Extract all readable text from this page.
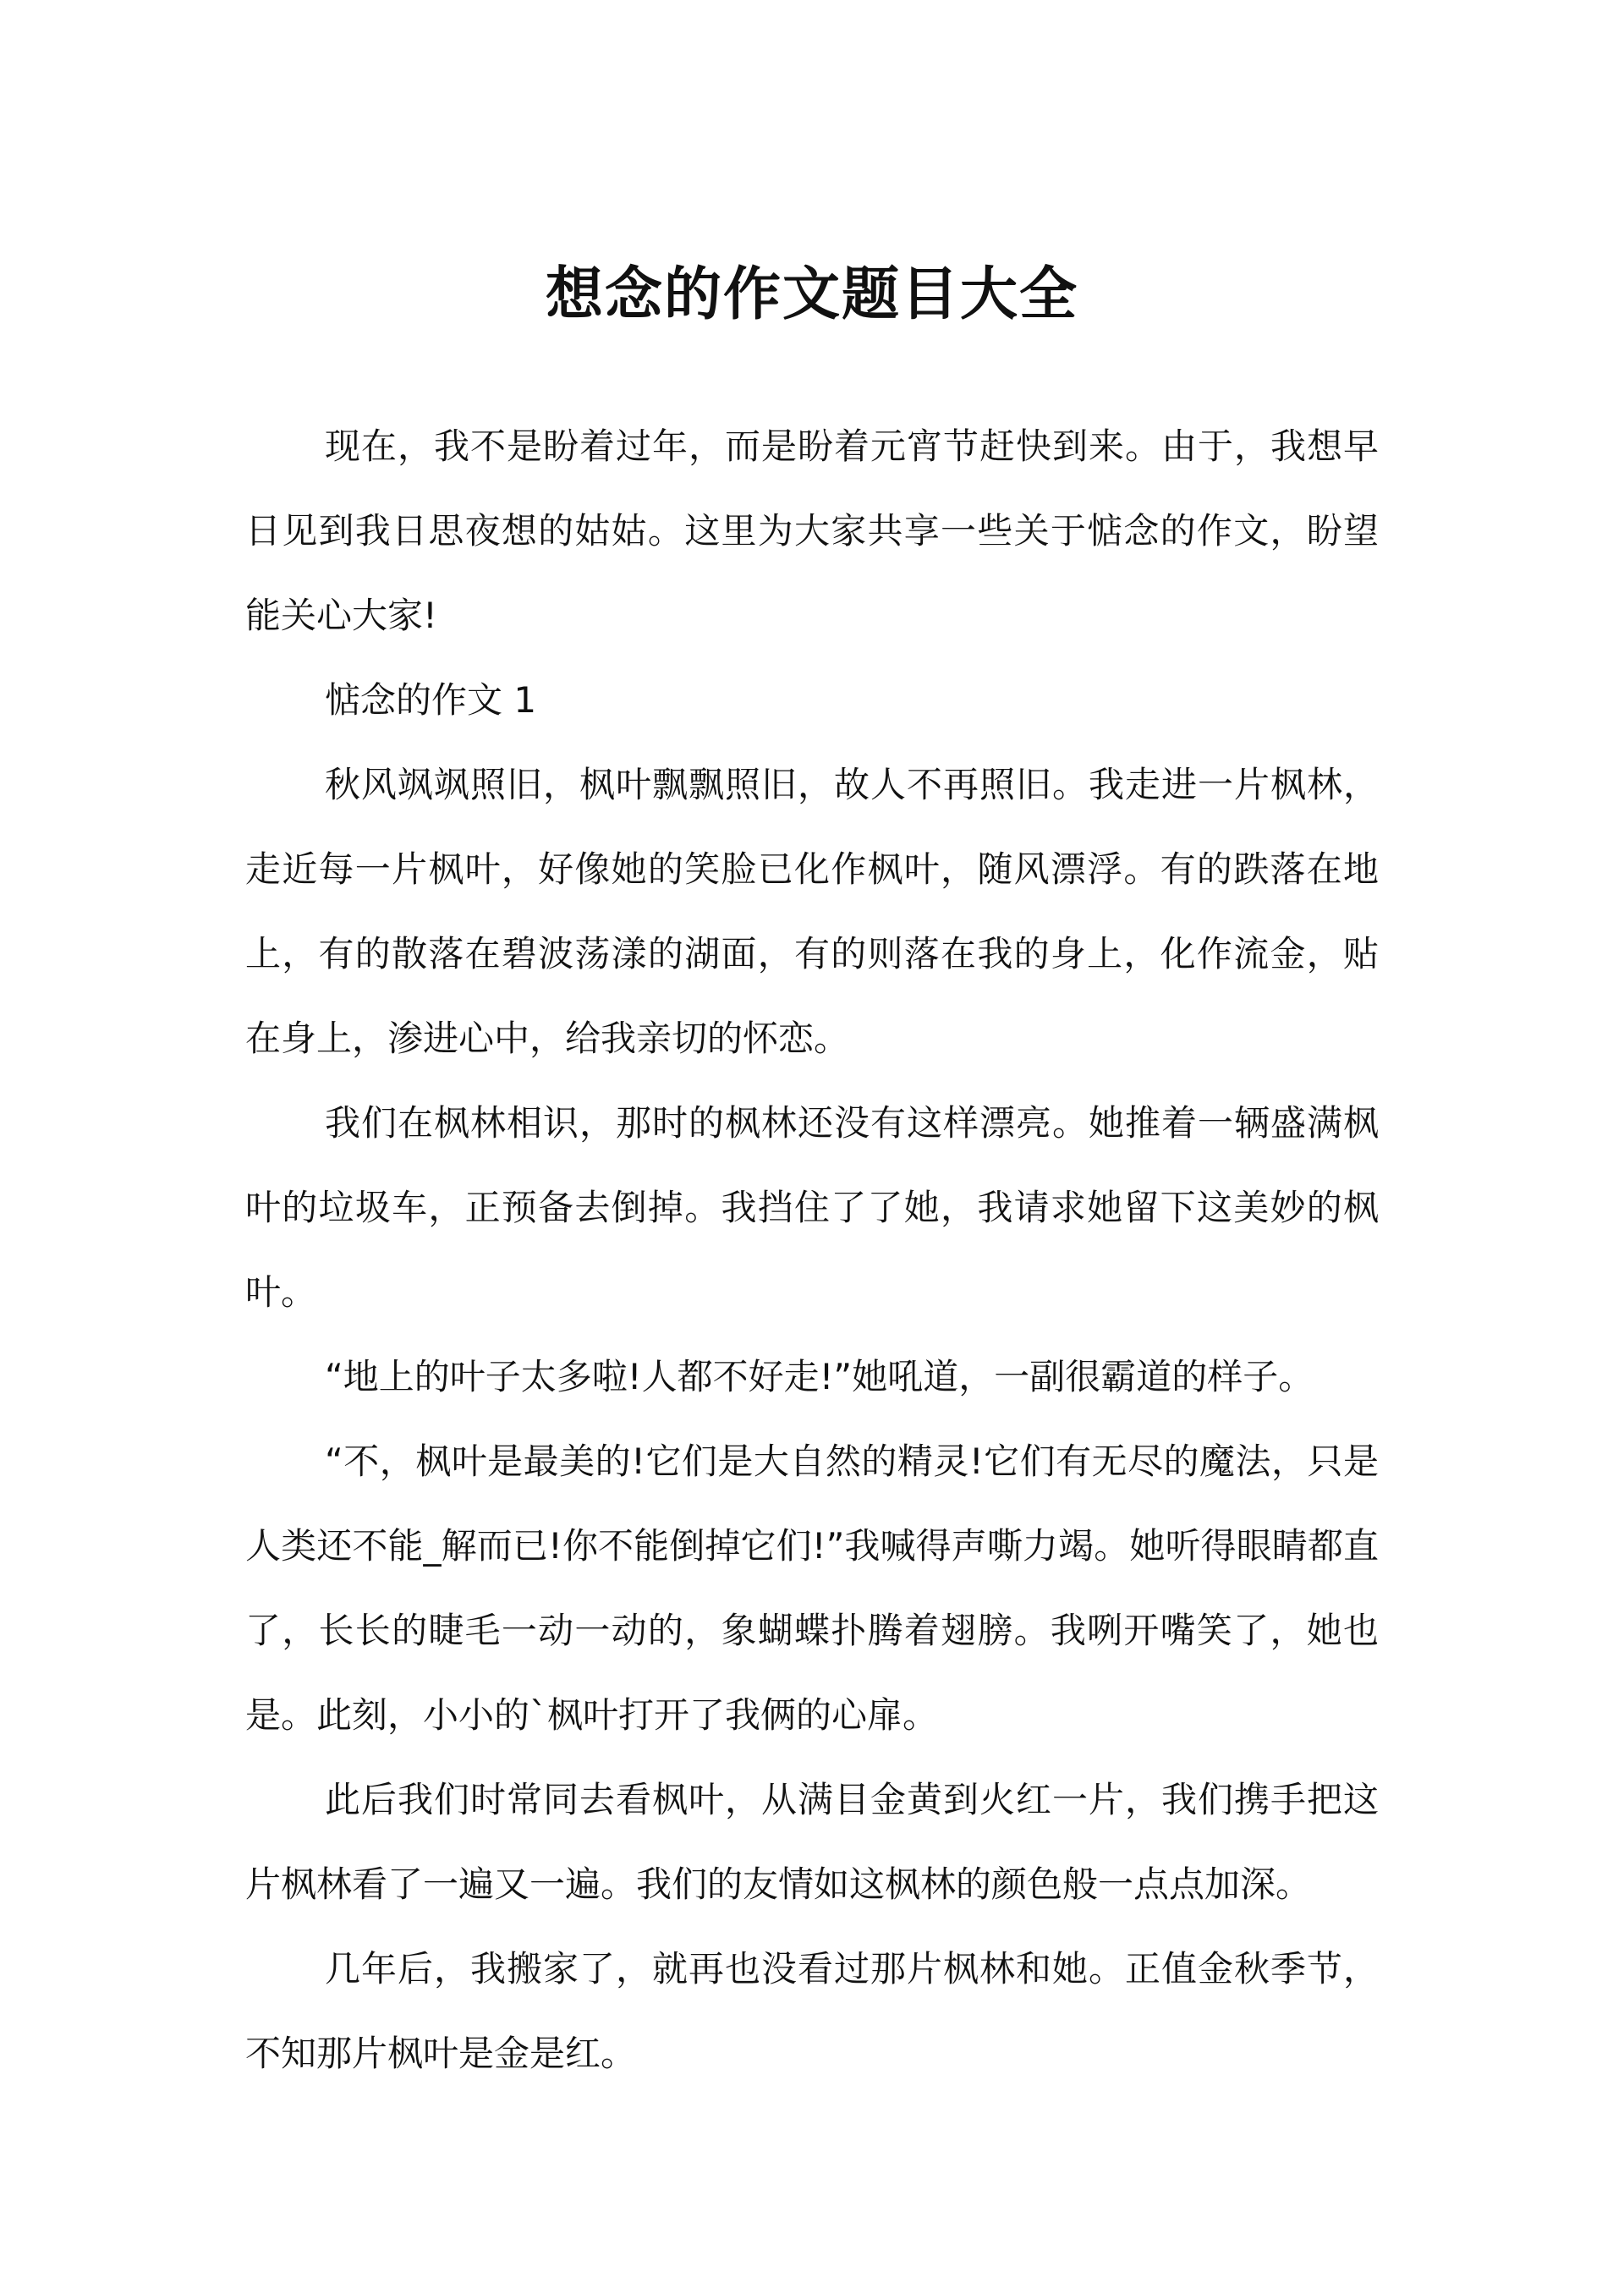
想念的作文题目大全

现在，我不是盼着过年，而是盼着元宵节赶快到来。由于，我想早日见到我日思夜想的姑姑。这里为大家共享一些关于惦念的作文，盼望能关心大家!

惦念的作文 1

秋风飒飒照旧，枫叶飘飘照旧，故人不再照旧。我走进一片枫林，走近每一片枫叶，好像她的笑脸已化作枫叶，随风漂浮。有的跌落在地上，有的散落在碧波荡漾的湖面，有的则落在我的身上，化作流金，贴在身上，渗进心中，给我亲切的怀恋。

我们在枫林相识，那时的枫林还没有这样漂亮。她推着一辆盛满枫叶的垃圾车，正预备去倒掉。我挡住了了她，我请求她留下这美妙的枫叶。

“地上的叶子太多啦!人都不好走!”她吼道，一副很霸道的样子。

“不，枫叶是最美的!它们是大自然的精灵!它们有无尽的魔法，只是人类还不能_解而已!你不能倒掉它们!”我喊得声嘶力竭。她听得眼睛都直了，长长的睫毛一动一动的，象蝴蝶扑腾着翅膀。我咧开嘴笑了，她也是。此刻，小小的`枫叶打开了我俩的心扉。

此后我们时常同去看枫叶，从满目金黄到火红一片，我们携手把这片枫林看了一遍又一遍。我们的友情如这枫林的颜色般一点点加深。

几年后，我搬家了，就再也没看过那片枫林和她。正值金秋季节，不知那片枫叶是金是红。
